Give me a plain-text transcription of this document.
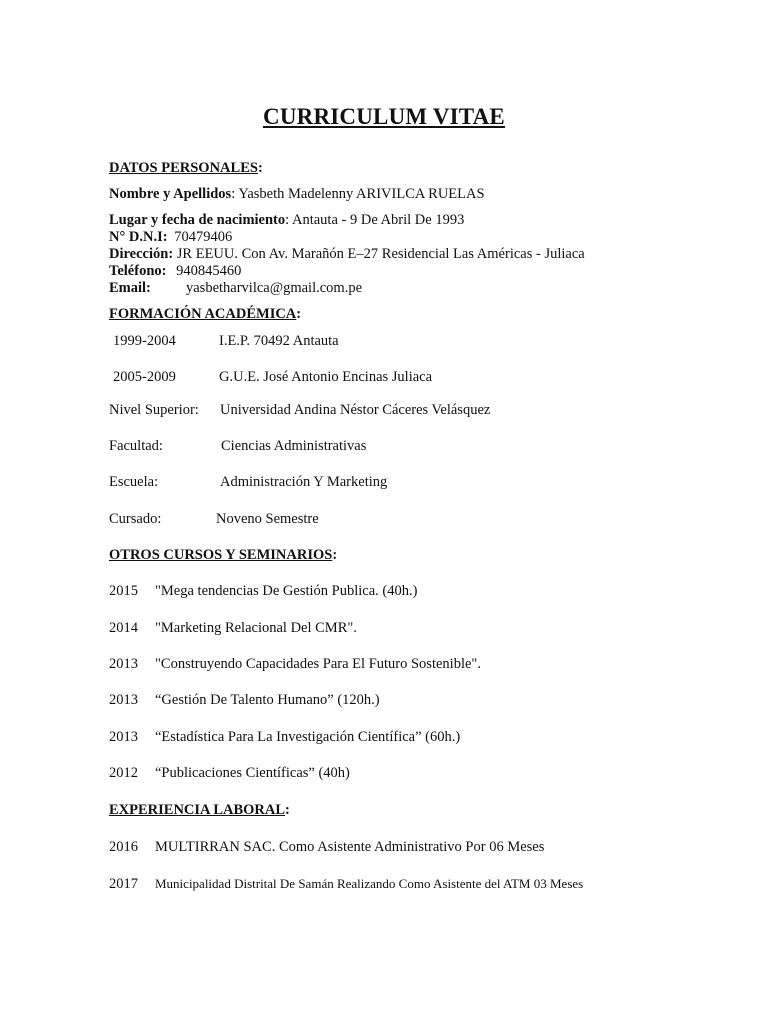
CURRICULUM VITAE
DATOS PERSONALES:
Nombre y Apellidos: Yasbeth Madelenny ARIVILCA RUELAS
Lugar y fecha de nacimiento: Antauta - 9 De Abril De 1993
N° D.N.I: 70479406
Dirección: JR EEUU. Con Av. Marañón E–27 Residencial Las Américas - Juliaca
Teléfono: 940845460
Email: yasbetharvilca@gmail.com.pe
FORMACIÓN ACADÉMICA:
1999-2004	I.E.P. 70492 Antauta
2005-2009	G.U.E. José Antonio Encinas Juliaca
Nivel Superior: Universidad Andina Néstor Cáceres Velásquez
Facultad:	Ciencias Administrativas
Escuela:	Administración Y Marketing
Cursado:	Noveno Semestre
OTROS CURSOS Y SEMINARIOS:
2015 "Mega tendencias De Gestión Publica. (40h.)
2014 "Marketing Relacional Del CMR".
2013 "Construyendo Capacidades Para El Futuro Sostenible".
2013 “Gestión De Talento Humano” (120h.)
2013 “Estadística Para La Investigación Científica” (60h.)
2012 “Publicaciones Científicas” (40h)
EXPERIENCIA LABORAL:
2016 MULTIRRAN SAC. Como Asistente Administrativo Por 06 Meses
2017 Municipalidad Distrital De Samán Realizando Como Asistente del ATM 03 Meses
